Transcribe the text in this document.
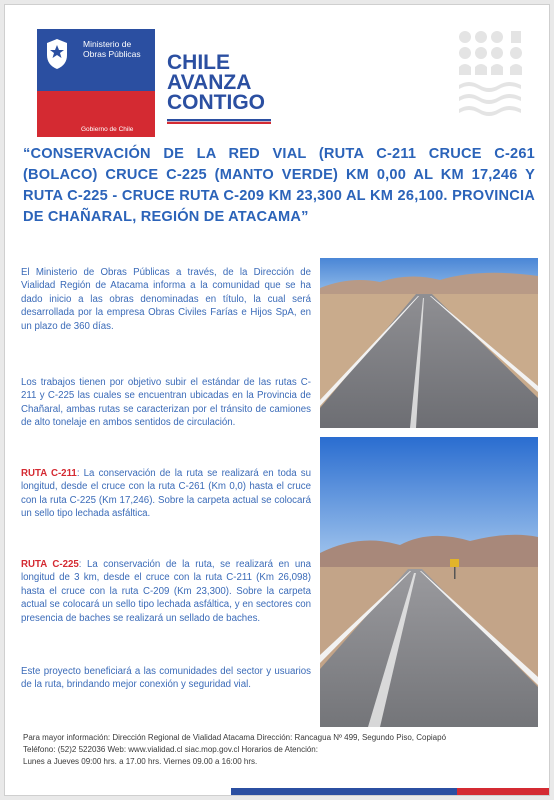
Ministerio de
Obras Públicas
Gobierno de Chile
CHILE
AVANZA
CONTIGO
“CONSERVACIÓN DE LA RED VIAL (RUTA C-211 CRUCE C-261 (BOLACO) CRUCE C-225 (MANTO VERDE) KM 0,00 AL KM 17,246 Y RUTA C-225 - CRUCE RUTA C-209 KM 23,300 AL KM 26,100. PROVINCIA DE CHAÑARAL, REGIÓN DE ATACAMA”

El Ministerio de Obras Públicas a través, de la Dirección de Vialidad Región de Atacama informa a la comunidad que se ha dado inicio a las obras denominadas en título, la cual será desarrollada por la empresa Obras Civiles Farías e Hijos SpA, en un plazo de 360 días.

Los trabajos tienen por objetivo subir el estándar de las rutas C-211 y C-225 las cuales se encuentran ubicadas en la Provincia de Chañaral, ambas rutas se caracterizan por el tránsito de camiones de alto tonelaje en ambos sentidos de circulación.

RUTA C-211: La conservación de la ruta se realizará en toda su longitud, desde el cruce con la ruta C-261 (Km 0,0) hasta el cruce con la ruta C-225 (Km 17,246). Sobre la carpeta actual se colocará un sello tipo lechada asfáltica.

RUTA C-225: La conservación de la ruta, se realizará en una longitud de 3 km, desde el cruce con la ruta C-211 (Km 26,098) hasta el cruce con la ruta C-209 (Km 23,300). Sobre la carpeta actual se colocará un sello tipo lechada asfáltica, y en sectores con presencia de baches se realizará un sellado de baches.

Este proyecto beneficiará a las comunidades del sector y usuarios de la ruta, brindando mejor conexión y seguridad vial.

Para mayor información: Dirección Regional de Vialidad Atacama Dirección: Rancagua Nº 499, Segundo Piso, Copiapó
Teléfono: (52)2 522036 Web: www.vialidad.cl siac.mop.gov.cl Horarios de Atención:
Lunes a Jueves 09:00 hrs. a 17.00 hrs. Viernes 09.00 a 16:00 hrs.
